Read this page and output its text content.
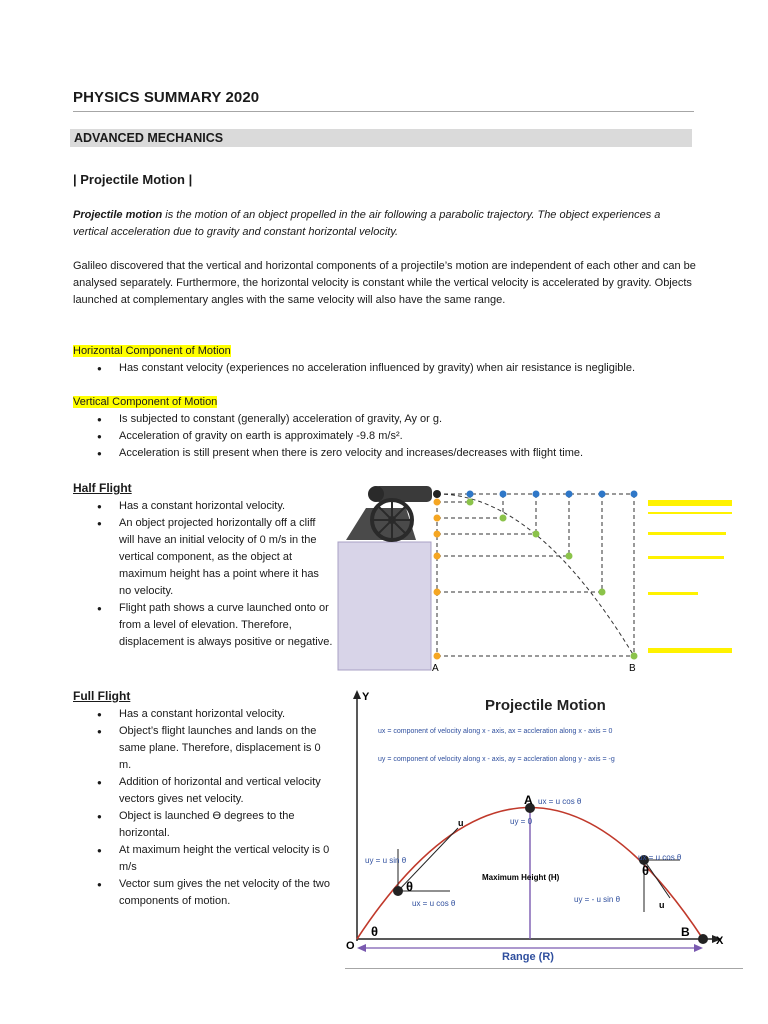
PHYSICS SUMMARY 2020
ADVANCED MECHANICS
| Projectile Motion |
Projectile motion is the motion of an object propelled in the air following a parabolic trajectory. The object experiences a vertical acceleration due to gravity and constant horizontal velocity.
Galileo discovered that the vertical and horizontal components of a projectile’s motion are independent of each other and can be analysed separately. Furthermore, the horizontal velocity is constant while the vertical velocity is accelerated by gravity. Objects launched at complementary angles with the same velocity will also have the same range.
Horizontal Component of Motion
● Has constant velocity (experiences no acceleration influenced by gravity) when air resistance is negligible.
Vertical Component of Motion
● Is subjected to constant (generally) acceleration of gravity, Ay or g.
● Acceleration of gravity on earth is approximately -9.8 m/s².
● Acceleration is still present when there is zero velocity and increases/decreases with flight time.
Half Flight
● Has a constant horizontal velocity.
● An object projected horizontally off a cliff will have an initial velocity of 0 m/s in the vertical component, as the object at maximum height has a point where it has no velocity.
● Flight path shows a curve launched onto or from a level of elevation. Therefore, displacement is always positive or negative.
A	B
Full Flight
● Has a constant horizontal velocity.
● Object’s flight launches and lands on the same plane. Therefore, displacement is 0 m.
● Addition of horizontal and vertical velocity vectors gives net velocity.
● Object is launched Ɵ degrees to the horizontal.
● At maximum height the vertical velocity is 0 m/s
● Vector sum gives the net velocity of the two components of motion.
Y
X
O
Projectile Motion
ux = component of velocity along x - axis, ax = accleration along x - axis = 0
uy = component of velocity along x - axis, ay = accleration along y - axis = -g
Range (R)
A ux = u cos θ
uy = 0
uy = u sin θ
ux = u cos θ
u
θ
ux = u cos θ
uy = - u sin θ
u
θ
Maximum Height (H)
θ	B
